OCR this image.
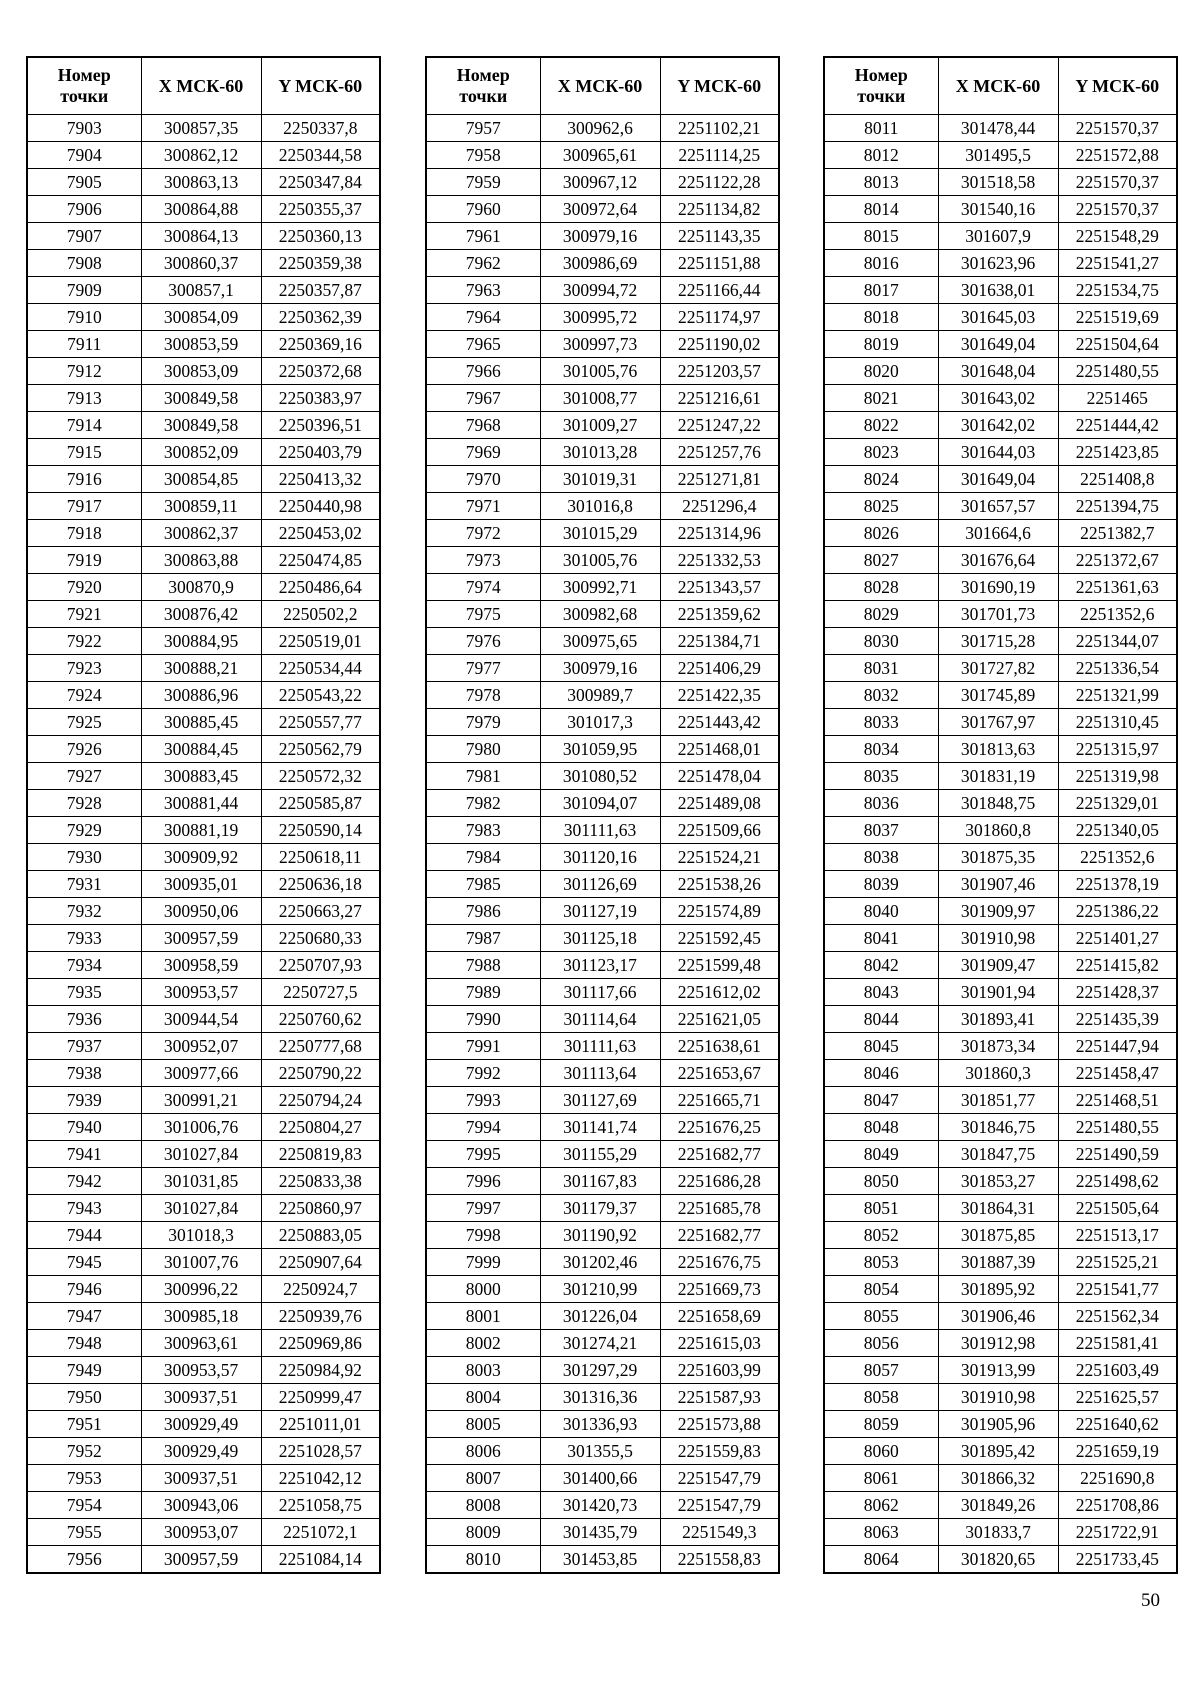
Номер
точки	X МСК-60	Y МСК-60
7903	300857,35	2250337,8
7904	300862,12	2250344,58
7905	300863,13	2250347,84
7906	300864,88	2250355,37
7907	300864,13	2250360,13
7908	300860,37	2250359,38
7909	300857,1	2250357,87
7910	300854,09	2250362,39
7911	300853,59	2250369,16
7912	300853,09	2250372,68
7913	300849,58	2250383,97
7914	300849,58	2250396,51
7915	300852,09	2250403,79
7916	300854,85	2250413,32
7917	300859,11	2250440,98
7918	300862,37	2250453,02
7919	300863,88	2250474,85
7920	300870,9	2250486,64
7921	300876,42	2250502,2
7922	300884,95	2250519,01
7923	300888,21	2250534,44
7924	300886,96	2250543,22
7925	300885,45	2250557,77
7926	300884,45	2250562,79
7927	300883,45	2250572,32
7928	300881,44	2250585,87
7929	300881,19	2250590,14
7930	300909,92	2250618,11
7931	300935,01	2250636,18
7932	300950,06	2250663,27
7933	300957,59	2250680,33
7934	300958,59	2250707,93
7935	300953,57	2250727,5
7936	300944,54	2250760,62
7937	300952,07	2250777,68
7938	300977,66	2250790,22
7939	300991,21	2250794,24
7940	301006,76	2250804,27
7941	301027,84	2250819,83
7942	301031,85	2250833,38
7943	301027,84	2250860,97
7944	301018,3	2250883,05
7945	301007,76	2250907,64
7946	300996,22	2250924,7
7947	300985,18	2250939,76
7948	300963,61	2250969,86
7949	300953,57	2250984,92
7950	300937,51	2250999,47
7951	300929,49	2251011,01
7952	300929,49	2251028,57
7953	300937,51	2251042,12
7954	300943,06	2251058,75
7955	300953,07	2251072,1
7956	300957,59	2251084,14
Номер
точки	X МСК-60	Y МСК-60
7957	300962,6	2251102,21
7958	300965,61	2251114,25
7959	300967,12	2251122,28
7960	300972,64	2251134,82
7961	300979,16	2251143,35
7962	300986,69	2251151,88
7963	300994,72	2251166,44
7964	300995,72	2251174,97
7965	300997,73	2251190,02
7966	301005,76	2251203,57
7967	301008,77	2251216,61
7968	301009,27	2251247,22
7969	301013,28	2251257,76
7970	301019,31	2251271,81
7971	301016,8	2251296,4
7972	301015,29	2251314,96
7973	301005,76	2251332,53
7974	300992,71	2251343,57
7975	300982,68	2251359,62
7976	300975,65	2251384,71
7977	300979,16	2251406,29
7978	300989,7	2251422,35
7979	301017,3	2251443,42
7980	301059,95	2251468,01
7981	301080,52	2251478,04
7982	301094,07	2251489,08
7983	301111,63	2251509,66
7984	301120,16	2251524,21
7985	301126,69	2251538,26
7986	301127,19	2251574,89
7987	301125,18	2251592,45
7988	301123,17	2251599,48
7989	301117,66	2251612,02
7990	301114,64	2251621,05
7991	301111,63	2251638,61
7992	301113,64	2251653,67
7993	301127,69	2251665,71
7994	301141,74	2251676,25
7995	301155,29	2251682,77
7996	301167,83	2251686,28
7997	301179,37	2251685,78
7998	301190,92	2251682,77
7999	301202,46	2251676,75
8000	301210,99	2251669,73
8001	301226,04	2251658,69
8002	301274,21	2251615,03
8003	301297,29	2251603,99
8004	301316,36	2251587,93
8005	301336,93	2251573,88
8006	301355,5	2251559,83
8007	301400,66	2251547,79
8008	301420,73	2251547,79
8009	301435,79	2251549,3
8010	301453,85	2251558,83
Номер
точки	X МСК-60	Y МСК-60
8011	301478,44	2251570,37
8012	301495,5	2251572,88
8013	301518,58	2251570,37
8014	301540,16	2251570,37
8015	301607,9	2251548,29
8016	301623,96	2251541,27
8017	301638,01	2251534,75
8018	301645,03	2251519,69
8019	301649,04	2251504,64
8020	301648,04	2251480,55
8021	301643,02	2251465
8022	301642,02	2251444,42
8023	301644,03	2251423,85
8024	301649,04	2251408,8
8025	301657,57	2251394,75
8026	301664,6	2251382,7
8027	301676,64	2251372,67
8028	301690,19	2251361,63
8029	301701,73	2251352,6
8030	301715,28	2251344,07
8031	301727,82	2251336,54
8032	301745,89	2251321,99
8033	301767,97	2251310,45
8034	301813,63	2251315,97
8035	301831,19	2251319,98
8036	301848,75	2251329,01
8037	301860,8	2251340,05
8038	301875,35	2251352,6
8039	301907,46	2251378,19
8040	301909,97	2251386,22
8041	301910,98	2251401,27
8042	301909,47	2251415,82
8043	301901,94	2251428,37
8044	301893,41	2251435,39
8045	301873,34	2251447,94
8046	301860,3	2251458,47
8047	301851,77	2251468,51
8048	301846,75	2251480,55
8049	301847,75	2251490,59
8050	301853,27	2251498,62
8051	301864,31	2251505,64
8052	301875,85	2251513,17
8053	301887,39	2251525,21
8054	301895,92	2251541,77
8055	301906,46	2251562,34
8056	301912,98	2251581,41
8057	301913,99	2251603,49
8058	301910,98	2251625,57
8059	301905,96	2251640,62
8060	301895,42	2251659,19
8061	301866,32	2251690,8
8062	301849,26	2251708,86
8063	301833,7	2251722,91
8064	301820,65	2251733,45
50
